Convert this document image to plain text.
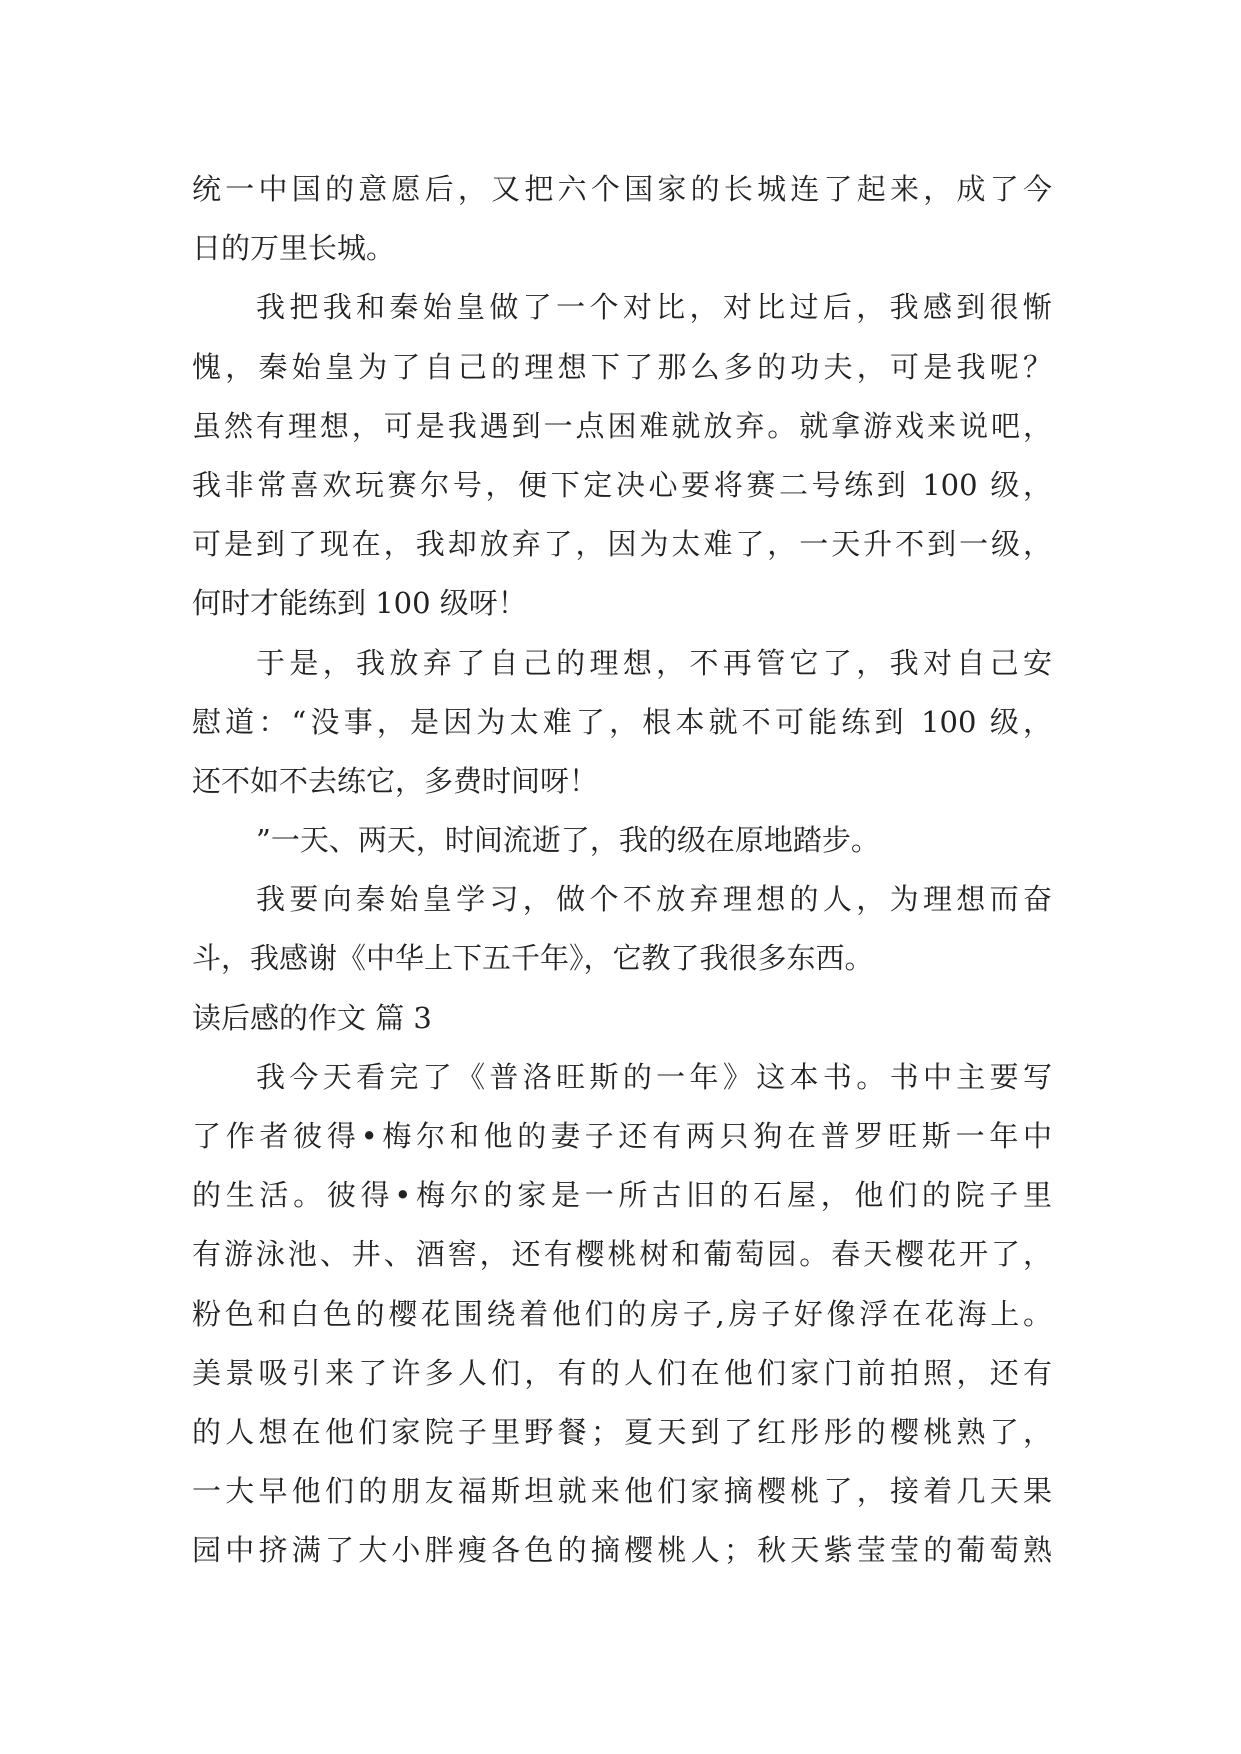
统一中国的意愿后，又把六个国家的长城连了起来，成了今
日的万里长城。
我把我和秦始皇做了一个对比，对比过后，我感到很惭
愧，秦始皇为了自己的理想下了那么多的功夫，可是我呢？
虽然有理想，可是我遇到一点困难就放弃。就拿游戏来说吧，
我非常喜欢玩赛尔号，便下定决心要将赛二号练到 100 级，
可是到了现在，我却放弃了，因为太难了，一天升不到一级，
何时才能练到 100 级呀！
于是，我放弃了自己的理想，不再管它了，我对自己安
慰道：“没事，是因为太难了，根本就不可能练到 100 级，
还不如不去练它，多费时间呀！
”一天、两天，时间流逝了，我的级在原地踏步。
我要向秦始皇学习，做个不放弃理想的人，为理想而奋
斗，我感谢《中华上下五千年》，它教了我很多东西。
读后感的作文 篇 3
我今天看完了《普洛旺斯的一年》这本书。书中主要写
了作者彼得•梅尔和他的妻子还有两只狗在普罗旺斯一年中
的生活。彼得•梅尔的家是一所古旧的石屋，他们的院子里
有游泳池、井、酒窖，还有樱桃树和葡萄园。春天樱花开了，
粉色和白色的樱花围绕着他们的房子,房子好像浮在花海上。
美景吸引来了许多人们，有的人们在他们家门前拍照，还有
的人想在他们家院子里野餐；夏天到了红彤彤的樱桃熟了，
一大早他们的朋友福斯坦就来他们家摘樱桃了，接着几天果
园中挤满了大小胖瘦各色的摘樱桃人；秋天紫莹莹的葡萄熟
